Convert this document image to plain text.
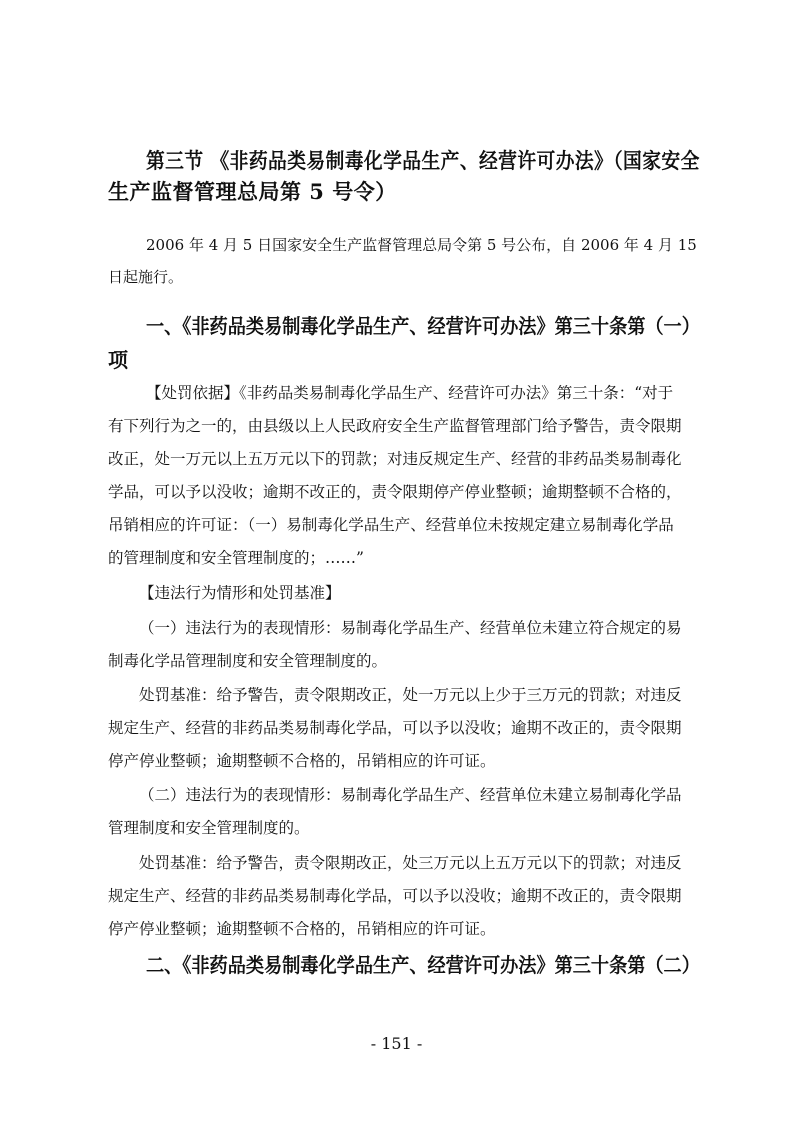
第三节 《非药品类易制毒化学品生产、经营许可办法》（国家安全
生产监督管理总局第 5 号令）
2006 年 4 月 5 日国家安全生产监督管理总局令第 5 号公布，自 2006 年 4 月 15
日起施行。
一、《非药品类易制毒化学品生产、经营许可办法》第三十条第（一）
项
【处罚依据】《非药品类易制毒化学品生产、经营许可办法》第三十条：“对于
有下列行为之一的，由县级以上人民政府安全生产监督管理部门给予警告，责令限期
改正，处一万元以上五万元以下的罚款；对违反规定生产、经营的非药品类易制毒化
学品，可以予以没收；逾期不改正的，责令限期停产停业整顿；逾期整顿不合格的，
吊销相应的许可证：（一）易制毒化学品生产、经营单位未按规定建立易制毒化学品
的管理制度和安全管理制度的；……”
【违法行为情形和处罚基准】
（一）违法行为的表现情形：易制毒化学品生产、经营单位未建立符合规定的易
制毒化学品管理制度和安全管理制度的。
处罚基准：给予警告，责令限期改正，处一万元以上少于三万元的罚款；对违反
规定生产、经营的非药品类易制毒化学品，可以予以没收；逾期不改正的，责令限期
停产停业整顿；逾期整顿不合格的，吊销相应的许可证。
（二）违法行为的表现情形：易制毒化学品生产、经营单位未建立易制毒化学品
管理制度和安全管理制度的。
处罚基准：给予警告，责令限期改正，处三万元以上五万元以下的罚款；对违反
规定生产、经营的非药品类易制毒化学品，可以予以没收；逾期不改正的，责令限期
停产停业整顿；逾期整顿不合格的，吊销相应的许可证。
二、《非药品类易制毒化学品生产、经营许可办法》第三十条第（二）
- 151 -
